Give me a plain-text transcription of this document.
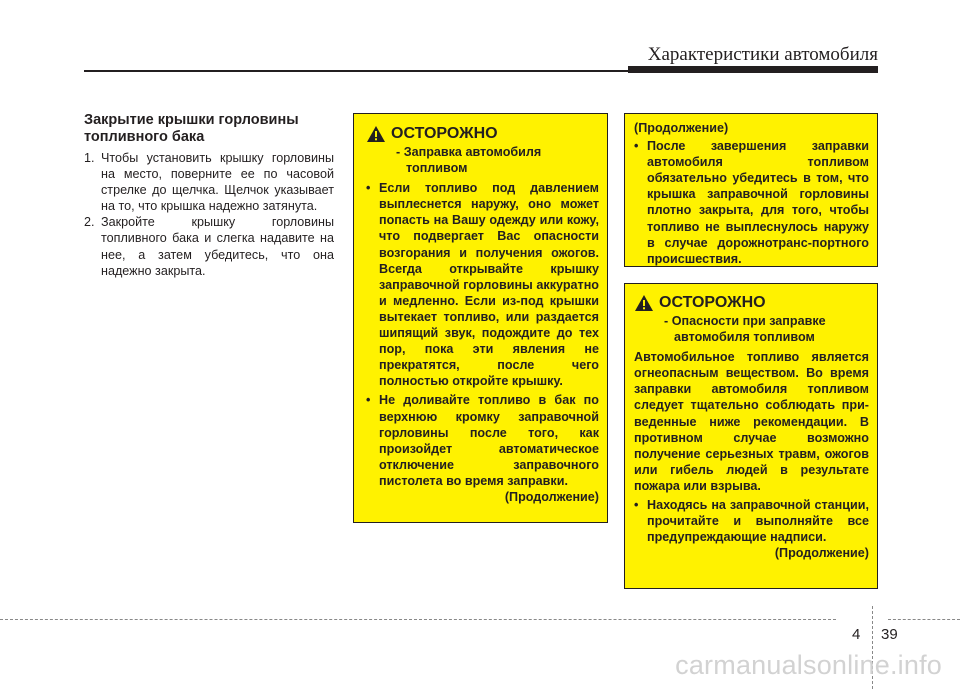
Характеристики автомобиля
Закрытие крышки горловины
топливного бака
1. Чтобы установить крышку горловины на место, поверните ее по часовой стрелке до щелчка. Щелчок указывает на то, что крышка надежно затянута.
2. Закройте крышку горловины топливного бака и слегка надавите на нее, а затем убедитесь, что она надежно закрыта.
ОСТОРОЖНО
- Заправка автомобиля топливом
• Если топливо под давлением выплеснется наружу, оно может попасть на Вашу одежду или кожу, что подвергает Вас опасности возгорания и получения ожогов. Всегда открывайте крышку заправочной горловины аккуратно и медленно. Если из-под крышки вытекает топливо, или раздается шипящий звук, подождите до тех пор, пока эти явления не прекратятся, после чего полностью откройте крышку.
• Не доливайте топливо в бак по верхнюю кромку заправочной горловины после того, как произойдет автоматическое отключение заправочного пистолета во время заправки.
(Продолжение)
(Продолжение)
• После завершения заправки автомобиля топливом обязательно убедитесь в том, что крышка заправочной горловины плотно закрыта, для того, чтобы топливо не выплеснулось наружу в случае дорожнотранс-портного происшествия.
ОСТОРОЖНО
- Опасности при заправке автомобиля топливом
Автомобильное топливо является огнеопасным веществом. Во время заправки автомобиля топливом следует тщательно соблюдать при-веденные ниже рекомендации. В противном случае возможно получение серьезных травм, ожогов или гибель людей в результате пожара или взрыва.
• Находясь на заправочной станции, прочитайте и выполняйте все предупреждающие надписи.
(Продолжение)
4 39
carmanualsonline.info
